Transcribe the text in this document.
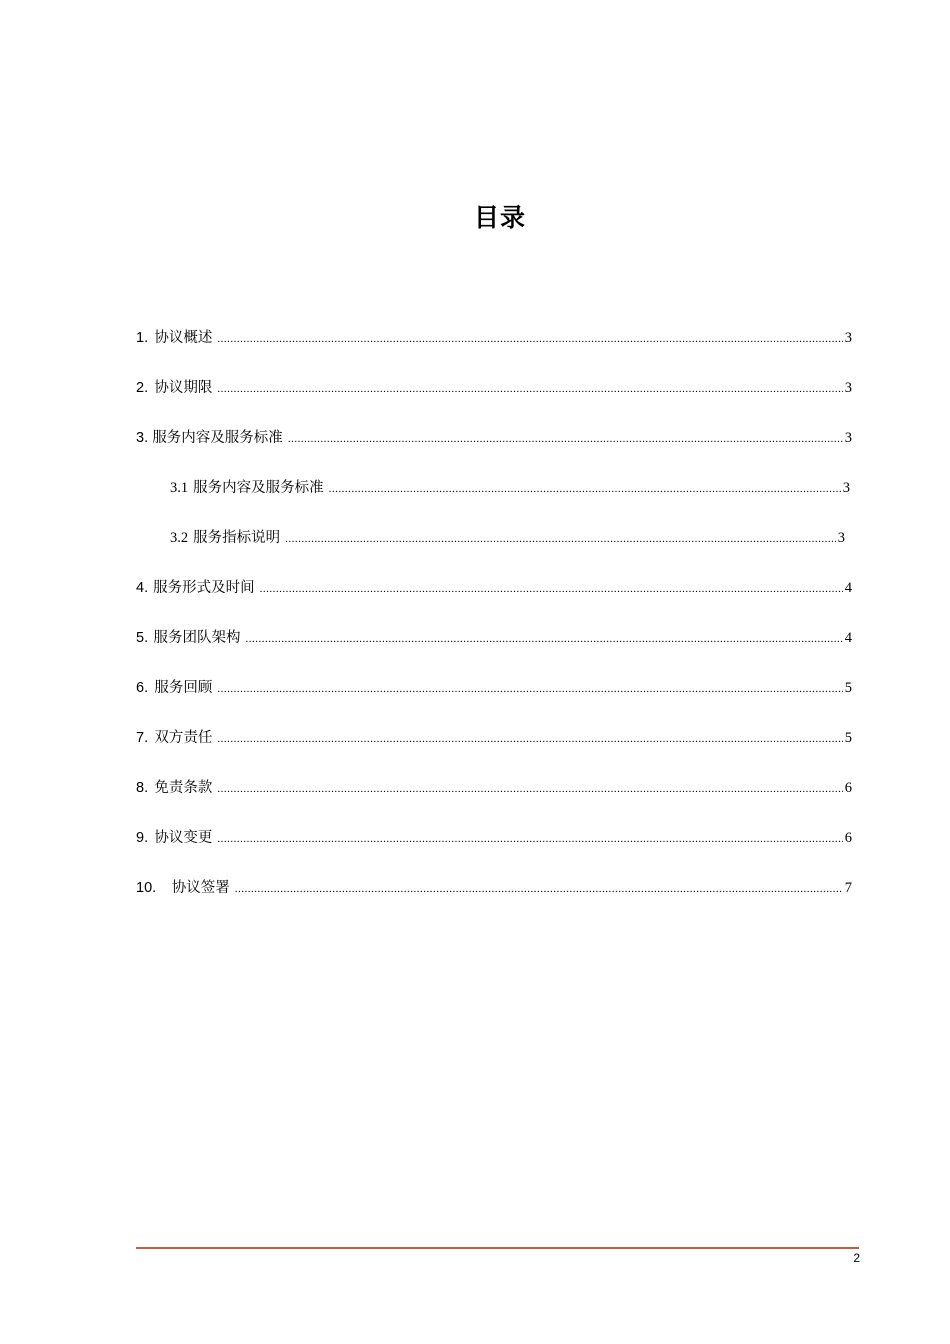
目录
1. 协议概述 .....	3
2. 协议期限 .....	3
3. 服务内容及服务标准 .....	3
3.1 服务内容及服务标准 .....	3
3.2 服务指标说明 .....	3
4. 服务形式及时间 .....	4
5. 服务团队架构 .....	4
6. 服务回顾 .....	5
7. 双方责任 .....	5
8. 免责条款 .....	6
9. 协议变更 .....	6
10.	协议签署 .....	7
2
